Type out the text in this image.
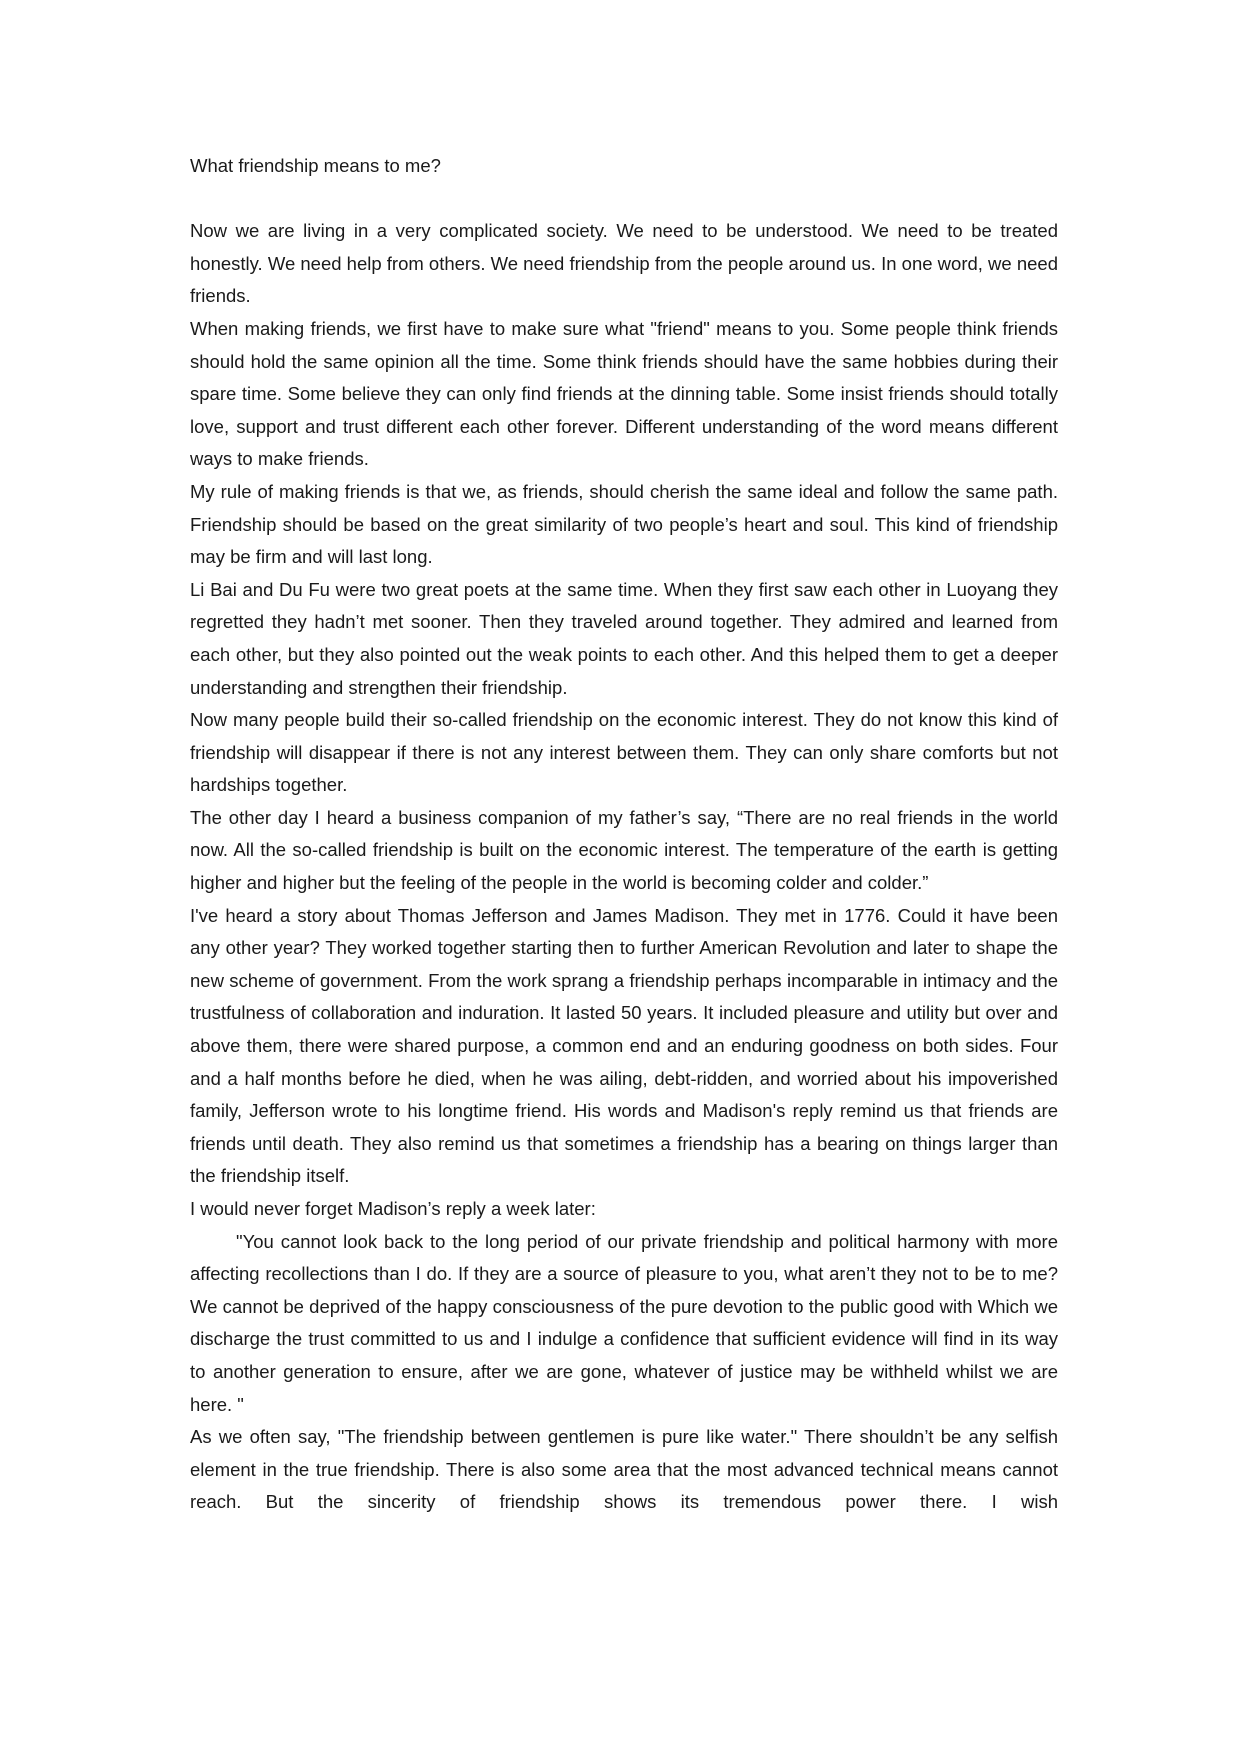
What friendship means to me?

Now we are living in a very complicated society. We need to be understood. We need to be treated honestly. We need help from others. We need friendship from the people around us. In one word, we need friends.

When making friends, we first have to make sure what "friend" means to you. Some people think friends should hold the same opinion all the time. Some think friends should have the same hobbies during their spare time. Some believe they can only find friends at the dinning table. Some insist friends should totally love, support and trust different each other forever. Different understanding of the word means different ways to make friends.

My rule of making friends is that we, as friends, should cherish the same ideal and follow the same path. Friendship should be based on the great similarity of two people’s heart and soul. This kind of friendship may be firm and will last long.

Li Bai and Du Fu were two great poets at the same time. When they first saw each other in Luoyang they regretted they hadn’t met sooner. Then they traveled around together. They admired and learned from each other, but they also pointed out the weak points to each other. And this helped them to get a deeper understanding and strengthen their friendship.

Now many people build their so-called friendship on the economic interest. They do not know this kind of friendship will disappear if there is not any interest between them. They can only share comforts but not hardships together.

The other day I heard a business companion of my father’s say, “There are no real friends in the world now. All the so-called friendship is built on the economic interest. The temperature of the earth is getting higher and higher but the feeling of the people in the world is becoming colder and colder.”

I've heard a story about Thomas Jefferson and James Madison. They met in 1776. Could it have been any other year? They worked together starting then to further American Revolution and later to shape the new scheme of government. From the work sprang a friendship perhaps incomparable in intimacy and the trustfulness of collaboration and induration. It lasted 50 years. It included pleasure and utility but over and above them, there were shared purpose, a common end and an enduring goodness on both sides. Four and a half months before he died, when he was ailing, debt-ridden, and worried about his impoverished family, Jefferson wrote to his longtime friend. His words and Madison's reply remind us that friends are friends until death. They also remind us that sometimes a friendship has a bearing on things larger than the friendship itself.

I would never forget Madison’s reply a week later:

"You cannot look back to the long period of our private friendship and political harmony with more affecting recollections than I do. If they are a source of pleasure to you, what aren’t they not to be to me? We cannot be deprived of the happy consciousness of the pure devotion to the public good with Which we discharge the trust committed to us and I indulge a confidence that sufficient evidence will find in its way to another generation to ensure, after we are gone, whatever of justice may be withheld whilst we are here. "

As we often say, "The friendship between gentlemen is pure like water." There shouldn’t be any selfish element in the true friendship. There is also some area that the most advanced technical means cannot reach. But the sincerity of friendship shows its tremendous power there. I wish
